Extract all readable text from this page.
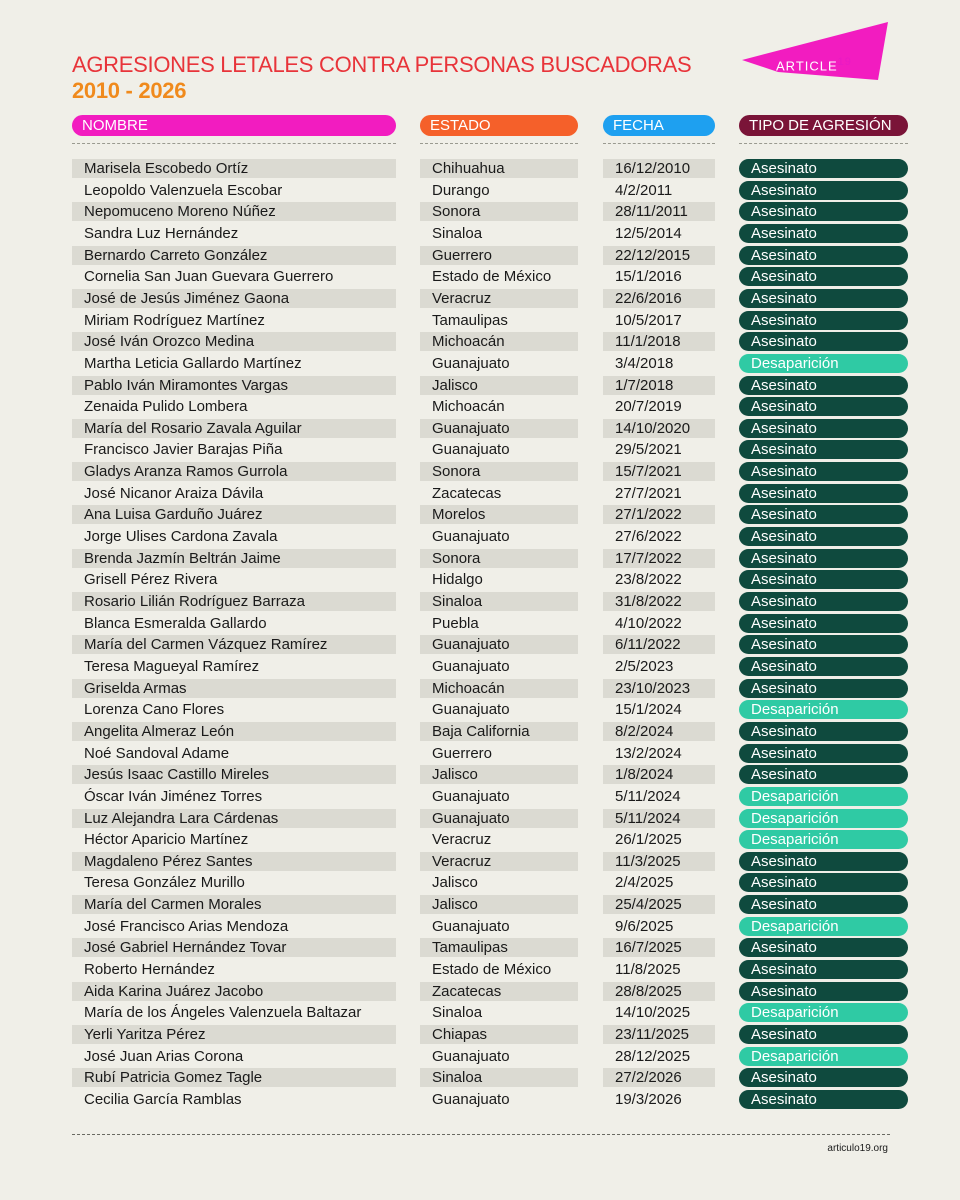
AGRESIONES LETALES CONTRA PERSONAS BUSCADORAS
2010 - 2026
ARTICLE$^{19}$
NOMBRE	ESTADO	FECHA	TIPO DE AGRESIÓN
Marisela Escobedo Ortíz	Chihuahua	16/12/2010	Asesinato
Leopoldo Valenzuela Escobar	Durango	4/2/2011	Asesinato
Nepomuceno Moreno Núñez	Sonora	28/11/2011	Asesinato
Sandra Luz Hernández	Sinaloa	12/5/2014	Asesinato
Bernardo Carreto González	Guerrero	22/12/2015	Asesinato
Cornelia San Juan Guevara Guerrero	Estado de México	15/1/2016	Asesinato
José de Jesús Jiménez Gaona	Veracruz	22/6/2016	Asesinato
Miriam Rodríguez Martínez	Tamaulipas	10/5/2017	Asesinato
José Iván Orozco Medina	Michoacán	11/1/2018	Asesinato
Martha Leticia Gallardo Martínez	Guanajuato	3/4/2018	Desaparición
Pablo Iván Miramontes Vargas	Jalisco	1/7/2018	Asesinato
Zenaida Pulido Lombera	Michoacán	20/7/2019	Asesinato
María del Rosario Zavala Aguilar	Guanajuato	14/10/2020	Asesinato
Francisco Javier Barajas Piña	Guanajuato	29/5/2021	Asesinato
Gladys Aranza Ramos Gurrola	Sonora	15/7/2021	Asesinato
José Nicanor Araiza Dávila	Zacatecas	27/7/2021	Asesinato
Ana Luisa Garduño Juárez	Morelos	27/1/2022	Asesinato
Jorge Ulises Cardona Zavala	Guanajuato	27/6/2022	Asesinato
Brenda Jazmín Beltrán Jaime	Sonora	17/7/2022	Asesinato
Grisell Pérez Rivera	Hidalgo	23/8/2022	Asesinato
Rosario Lilián Rodríguez Barraza	Sinaloa	31/8/2022	Asesinato
Blanca Esmeralda Gallardo	Puebla	4/10/2022	Asesinato
María del Carmen Vázquez Ramírez	Guanajuato	6/11/2022	Asesinato
Teresa Magueyal Ramírez	Guanajuato	2/5/2023	Asesinato
Griselda Armas	Michoacán	23/10/2023	Asesinato
Lorenza Cano Flores	Guanajuato	15/1/2024	Desaparición
Angelita Almeraz León	Baja California	8/2/2024	Asesinato
Noé Sandoval Adame	Guerrero	13/2/2024	Asesinato
Jesús Isaac Castillo Mireles	Jalisco	1/8/2024	Asesinato
Óscar Iván Jiménez Torres	Guanajuato	5/11/2024	Desaparición
Luz Alejandra Lara Cárdenas	Guanajuato	5/11/2024	Desaparición
Héctor Aparicio Martínez	Veracruz	26/1/2025	Desaparición
Magdaleno Pérez Santes	Veracruz	11/3/2025	Asesinato
Teresa González Murillo	Jalisco	2/4/2025	Asesinato
María del Carmen Morales	Jalisco	25/4/2025	Asesinato
José Francisco Arias Mendoza	Guanajuato	9/6/2025	Desaparición
José Gabriel Hernández Tovar	Tamaulipas	16/7/2025	Asesinato
Roberto Hernández	Estado de México	11/8/2025	Asesinato
Aida Karina Juárez Jacobo	Zacatecas	28/8/2025	Asesinato
María de los Ángeles Valenzuela Baltazar	Sinaloa	14/10/2025	Desaparición
Yerli Yaritza Pérez	Chiapas	23/11/2025	Asesinato
José Juan Arias Corona	Guanajuato	28/12/2025	Desaparición
Rubí Patricia Gomez Tagle	Sinaloa	27/2/2026	Asesinato
Cecilia García Ramblas	Guanajuato	19/3/2026	Asesinato
articulo19.org
